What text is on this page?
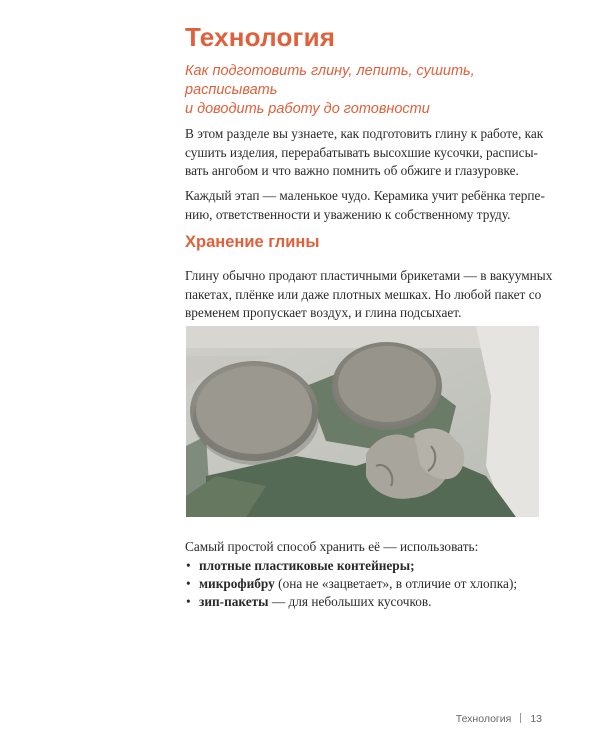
Технология
Как подготовить глину, лепить, сушить, расписывать
и доводить работу до готовности
В этом разделе вы узнаете, как подготовить глину к работе, как
сушить изделия, перерабатывать высохшие кусочки, расписы-
вать ангобом и что важно помнить об обжиге и глазуровке.
Каждый этап — маленькое чудо. Керамика учит ребёнка терпе-
нию, ответственности и уважению к собственному труду.
Хранение глины
Глину обычно продают пластичными брикетами — в вакуумных
пакетах, плёнке или даже плотных мешках. Но любой пакет со
временем пропускает воздух, и глина подсыхает.
Самый простой способ хранить её — использовать:
• плотные пластиковые контейнеры;
• микрофибру (она не «зацветает», в отличие от хлопка);
• зип-пакеты — для небольших кусочков.
Технология 13
